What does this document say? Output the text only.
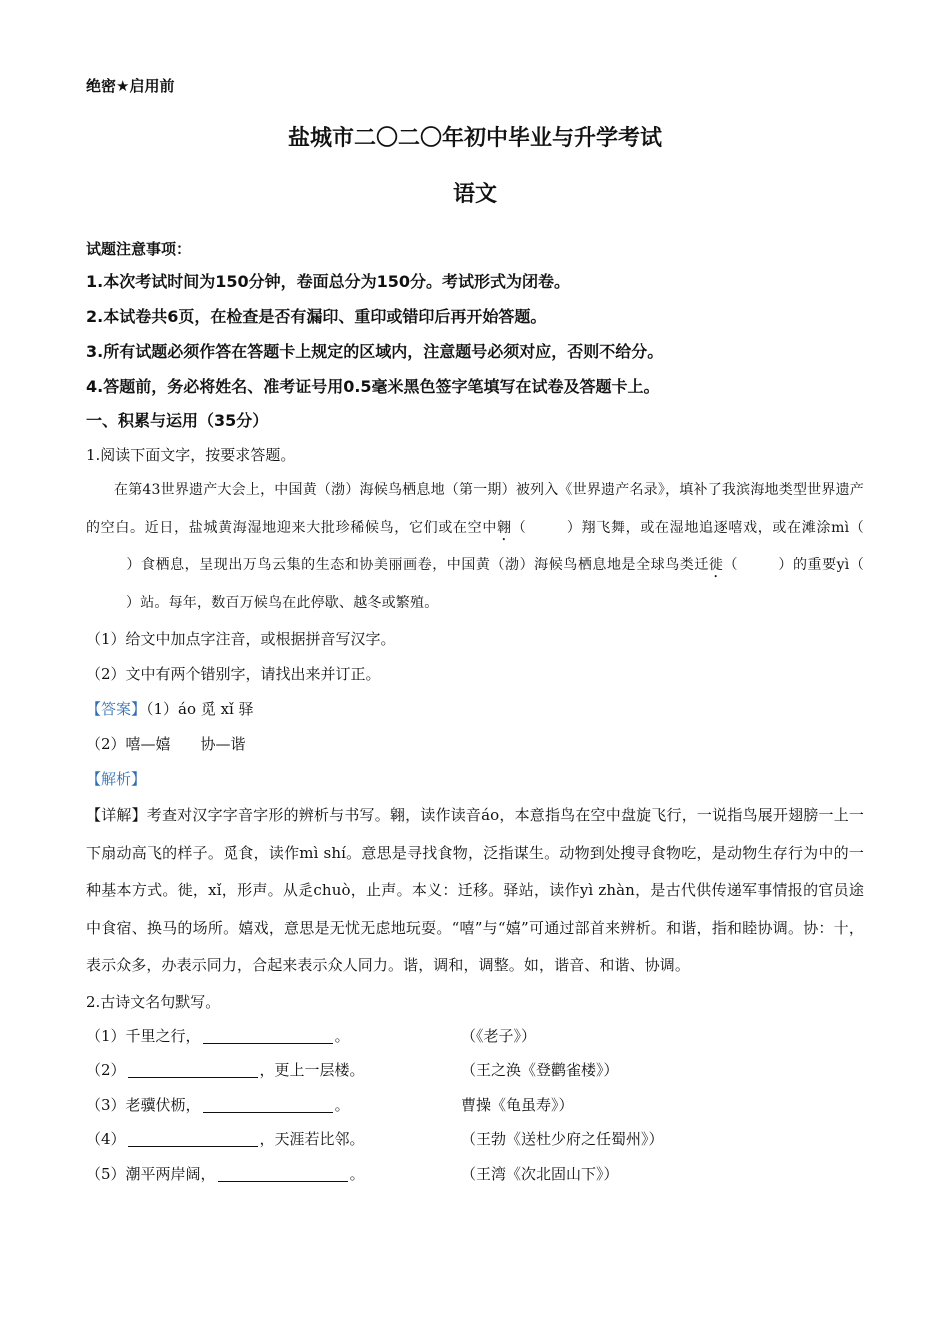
绝密★启用前
盐城市二〇二〇年初中毕业与升学考试
语文
试题注意事项：
1.本次考试时间为150分钟，卷面总分为150分。考试形式为闭卷。
2.本试卷共6页，在检查是否有漏印、重印或错印后再开始答题。
3.所有试题必须作答在答题卡上规定的区域内，注意题号必须对应，否则不给分。
4.答题前，务必将姓名、准考证号用0.5毫米黑色签字笔填写在试卷及答题卡上。
一、积累与运用（35分）
1.阅读下面文字，按要求答题。
在第43世界遗产大会上，中国黄（渤）海候鸟栖息地（第一期）被列入《世界遗产名录》，填补了我滨海地类型世界遗产的空白。近日，盐城黄海湿地迎来大批珍稀候鸟，它们或在空中翱（	）翔飞舞，或在湿地追逐嘻戏，或在滩涂mì（）食栖息，呈现出万鸟云集的生态和协美丽画卷，中国黄（渤）海候鸟栖息地是全球鸟类迁徙（	）的重要yì（）站。每年，数百万候鸟在此停歇、越冬或繁殖。
（1）给文中加点字注音，或根据拼音写汉字。
（2）文中有两个错别字，请找出来并订正。
【答案】（1）áo 觅 xǐ 驿
（2）嘻—嬉 协—谐
【解析】
【详解】考查对汉字字音字形的辨析与书写。翱，读作读音áo，本意指鸟在空中盘旋飞行，一说指鸟展开翅膀一上一下扇动高飞的样子。觅食，读作mì shí。意思是寻找食物，泛指谋生。动物到处搜寻食物吃，是动物生存行为中的一种基本方式。徙，xǐ，形声。从辵chuò，止声。本义：迁移。驿站，读作yì zhàn，是古代供传递军事情报的官员途中食宿、换马的场所。嬉戏，意思是无忧无虑地玩耍。“嘻”与“嬉”可通过部首来辨析。和谐，指和睦协调。协：十，表示众多，办表示同力，合起来表示众人同力。谐，调和，调整。如，谐音、和谐、协调。
2.古诗文名句默写。
（1）千里之行，	。	（《老子》）
（2）	，更上一层楼。	（王之涣《登鹳雀楼》）
（3）老骥伏枥，	。	曹操《龟虽寿》）
（4）	，天涯若比邻。	（王勃《送杜少府之任蜀州》）
（5）潮平两岸阔，	。	（王湾《次北固山下》）
